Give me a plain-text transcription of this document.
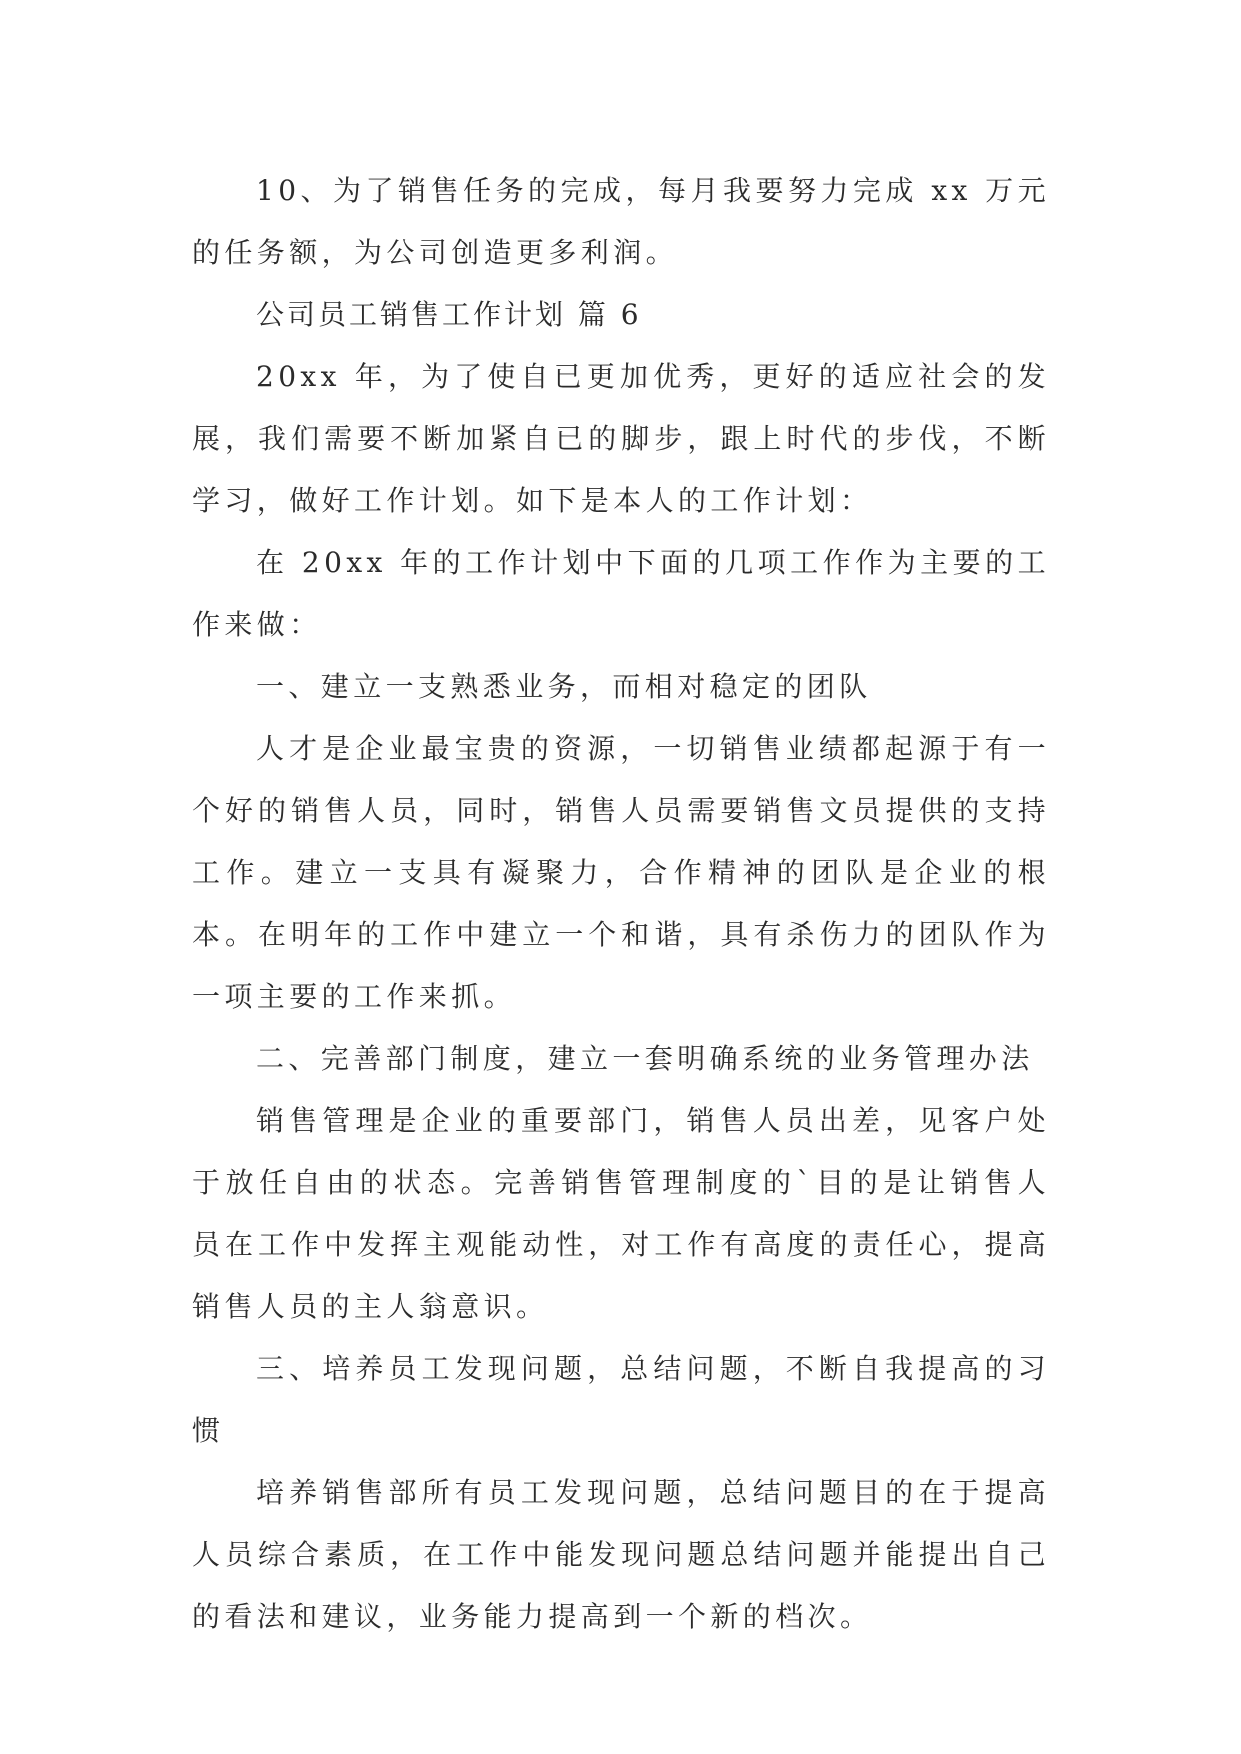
10、为了销售任务的完成，每月我要努力完成 xx 万元的任务额，为公司创造更多利润。

公司员工销售工作计划 篇 6

20xx 年，为了使自已更加优秀，更好的适应社会的发展，我们需要不断加紧自已的脚步，跟上时代的步伐，不断学习，做好工作计划。如下是本人的工作计划：

在 20xx 年的工作计划中下面的几项工作作为主要的工作来做：

一、建立一支熟悉业务，而相对稳定的团队

人才是企业最宝贵的资源，一切销售业绩都起源于有一个好的销售人员，同时，销售人员需要销售文员提供的支持工作。建立一支具有凝聚力，合作精神的团队是企业的根本。在明年的工作中建立一个和谐，具有杀伤力的团队作为一项主要的工作来抓。

二、完善部门制度，建立一套明确系统的业务管理办法

销售管理是企业的重要部门，销售人员出差，见客户处于放任自由的状态。完善销售管理制度的`目的是让销售人员在工作中发挥主观能动性，对工作有高度的责任心，提高销售人员的主人翁意识。

三、培养员工发现问题，总结问题，不断自我提高的习惯

培养销售部所有员工发现问题，总结问题目的在于提高人员综合素质，在工作中能发现问题总结问题并能提出自己的看法和建议，业务能力提高到一个新的档次。
